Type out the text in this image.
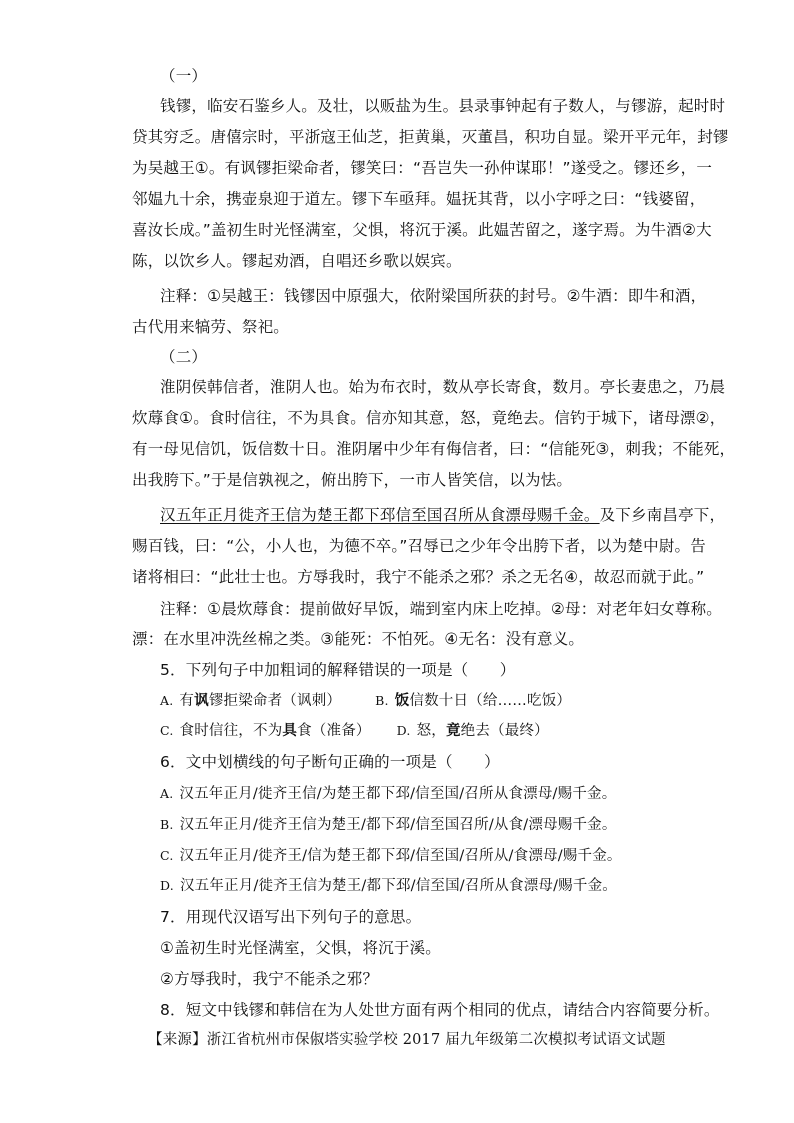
（一）
钱镠，临安石鉴乡人。及壮，以贩盐为生。县录事钟起有子数人，与镠游，起时时
贷其穷乏。唐僖宗时，平浙寇王仙芝，拒黄巢，灭董昌，积功自显。梁开平元年，封镠
为吴越王①。有讽镠拒梁命者，镠笑曰：“吾岂失一孙仲谋耶！”遂受之。镠还乡，一
邻媪九十余，携壶泉迎于道左。镠下车亟拜。媪抚其背，以小字呼之曰：“钱婆留，
喜汝长成。”盖初生时光怪满室，父惧，将沉于溪。此媪苦留之，遂字焉。为牛酒②大
陈，以饮乡人。镠起劝酒，自唱还乡歌以娱宾。
注释：①吴越王：钱镠因中原强大，依附梁国所获的封号。②牛酒：即牛和酒，
古代用来犒劳、祭祀。
（二）
淮阴侯韩信者，淮阴人也。始为布衣时，数从亭长寄食，数月。亭长妻患之，乃晨
炊蓐食①。食时信往，不为具食。信亦知其意，怒，竟绝去。信钓于城下，诸母漂②，
有一母见信饥，饭信数十日。淮阴屠中少年有侮信者，曰：“信能死③，刺我；不能死，
出我胯下。”于是信孰视之，俯出胯下，一市人皆笑信，以为怯。
汉五年正月徙齐王信为楚王都下邳信至国召所从食漂母赐千金。及下乡南昌亭下，
赐百钱，曰：“公，小人也，为德不卒。”召辱已之少年令出胯下者，以为楚中尉。告
诸将相曰：“此壮士也。方辱我时，我宁不能杀之邪？杀之无名④，故忍而就于此。”
注释：①晨炊蓐食：提前做好早饭，端到室内床上吃掉。②母：对老年妇女尊称。
漂：在水里冲洗丝棉之类。③能死：不怕死。④无名：没有意义。
5．下列句子中加粗词的解释错误的一项是（　　）
A. 有讽镠拒梁命者（讽刺）	B. 饭信数十日（给……吃饭）
C. 食时信往，不为具食（准备） D. 怒，竟绝去（最终）
6．文中划横线的句子断句正确的一项是（　　）
A. 汉五年正月/徙齐王信/为楚王都下邳/信至国/召所从食漂母/赐千金。
B. 汉五年正月/徙齐王信为楚王/都下邳/信至国召所/从食/漂母赐千金。
C. 汉五年正月/徙齐王/信为楚王都下邳/信至国/召所从/食漂母/赐千金。
D. 汉五年正月/徙齐王信为楚王/都下邳/信至国/召所从食漂母/赐千金。
7．用现代汉语写出下列句子的意思。
①盖初生时光怪满室，父惧，将沉于溪。
②方辱我时，我宁不能杀之邪？
8．短文中钱镠和韩信在为人处世方面有两个相同的优点，请结合内容简要分析。
【来源】浙江省杭州市保俶塔实验学校 2017 届九年级第二次模拟考试语文试题
